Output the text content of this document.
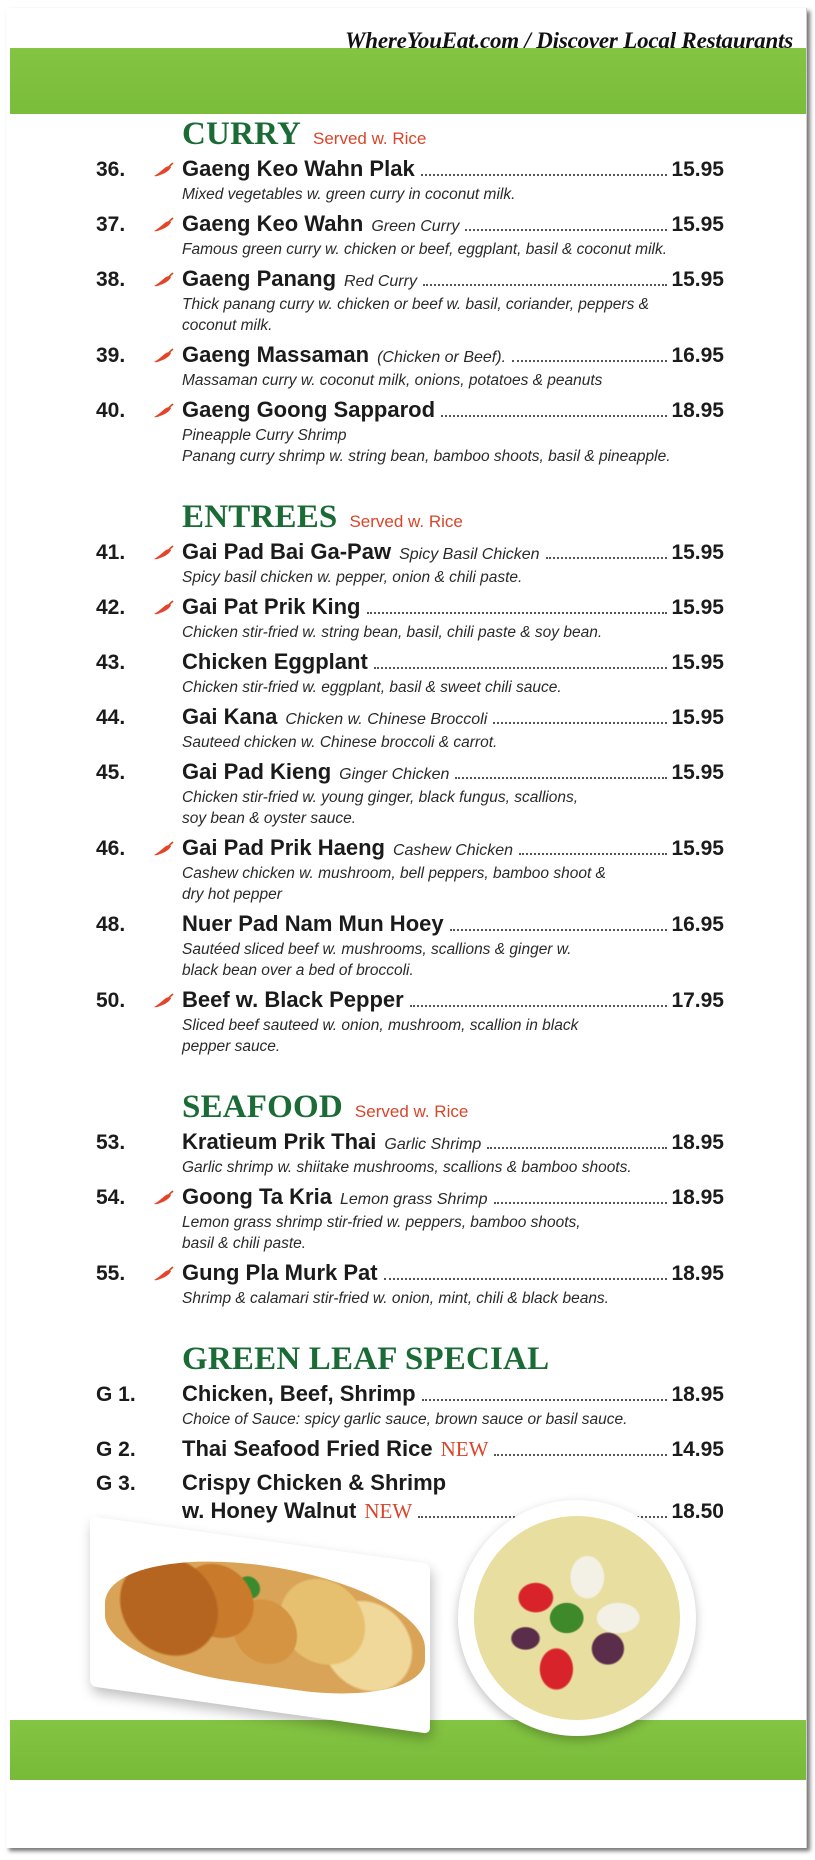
WhereYouEat.com / Discover Local Restaurants
CURRY Served w. Rice
36.	Gaeng Keo Wahn Plak	15.95
Mixed vegetables w. green curry in coconut milk.
37.	Gaeng Keo Wahn Green Curry	15.95
Famous green curry w. chicken or beef, eggplant, basil & coconut milk.
38.	Gaeng Panang Red Curry	15.95
Thick panang curry w. chicken or beef w. basil, coriander, peppers &
coconut milk.
39.	Gaeng Massaman (Chicken or Beef).	16.95
Massaman curry w. coconut milk, onions, potatoes & peanuts
40.	Gaeng Goong Sapparod	18.95
Pineapple Curry Shrimp
Panang curry shrimp w. string bean, bamboo shoots, basil & pineapple.
ENTREES Served w. Rice
41.	Gai Pad Bai Ga-Paw Spicy Basil Chicken	15.95
Spicy basil chicken w. pepper, onion & chili paste.
42.	Gai Pat Prik King	15.95
Chicken stir-fried w. string bean, basil, chili paste & soy bean.
43.	Chicken Eggplant	15.95
Chicken stir-fried w. eggplant, basil & sweet chili sauce.
44.	Gai Kana Chicken w. Chinese Broccoli	15.95
Sauteed chicken w. Chinese broccoli & carrot.
45.	Gai Pad Kieng Ginger Chicken	15.95
Chicken stir-fried w. young ginger, black fungus, scallions,
soy bean & oyster sauce.
46.	Gai Pad Prik Haeng Cashew Chicken	15.95
Cashew chicken w. mushroom, bell peppers, bamboo shoot &
dry hot pepper
48.	Nuer Pad Nam Mun Hoey	16.95
Sautéed sliced beef w. mushrooms, scallions & ginger w.
black bean over a bed of broccoli.
50.	Beef w. Black Pepper	17.95
Sliced beef sauteed w. onion, mushroom, scallion in black
pepper sauce.
SEAFOOD Served w. Rice
53.	Kratieum Prik Thai Garlic Shrimp	18.95
Garlic shrimp w. shiitake mushrooms, scallions & bamboo shoots.
54.	Goong Ta Kria Lemon grass Shrimp	18.95
Lemon grass shrimp stir-fried w. peppers, bamboo shoots,
basil & chili paste.
55.	Gung Pla Murk Pat	18.95
Shrimp & calamari stir-fried w. onion, mint, chili & black beans.
GREEN LEAF SPECIAL
G 1.	Chicken, Beef, Shrimp	18.95
Choice of Sauce: spicy garlic sauce, brown sauce or basil sauce.
G 2.	Thai Seafood Fried Rice NEW	14.95
G 3.	Crispy Chicken & Shrimp
w. Honey Walnut NEW	18.50
